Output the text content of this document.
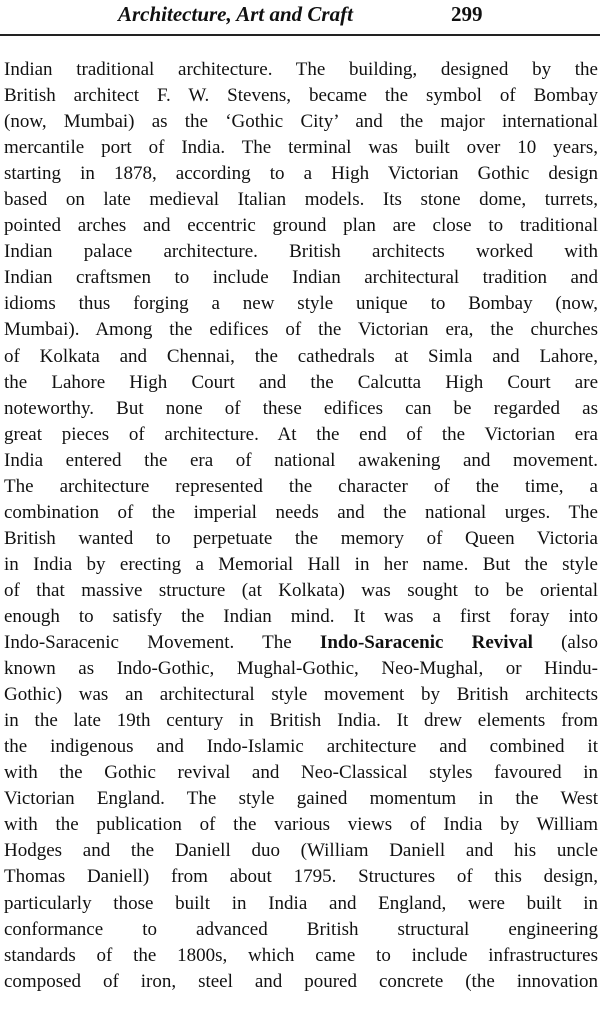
Architecture, Art and Craft	299
Indian traditional architecture. The building, designed by the
British architect F. W. Stevens, became the symbol of Bombay
(now, Mumbai) as the ‘Gothic City’ and the major international
mercantile port of India. The terminal was built over 10 years,
starting in 1878, according to a High Victorian Gothic design
based on late medieval Italian models. Its stone dome, turrets,
pointed arches and eccentric ground plan are close to traditional
Indian palace architecture. British architects worked with
Indian craftsmen to include Indian architectural tradition and
idioms thus forging a new style unique to Bombay (now,
Mumbai). Among the edifices of the Victorian era, the churches
of Kolkata and Chennai, the cathedrals at Simla and Lahore,
the Lahore High Court and the Calcutta High Court are
noteworthy. But none of these edifices can be regarded as
great pieces of architecture. At the end of the Victorian era
India entered the era of national awakening and movement.
The architecture represented the character of the time, a
combination of the imperial needs and the national urges. The
British wanted to perpetuate the memory of Queen Victoria
in India by erecting a Memorial Hall in her name. But the style
of that massive structure (at Kolkata) was sought to be oriental
enough to satisfy the Indian mind. It was a first foray into
Indo-Saracenic Movement. The Indo-Saracenic Revival (also
known as Indo-Gothic, Mughal-Gothic, Neo-Mughal, or Hindu-
Gothic) was an architectural style movement by British architects
in the late 19th century in British India. It drew elements from
the indigenous and Indo-Islamic architecture and combined it
with the Gothic revival and Neo-Classical styles favoured in
Victorian England. The style gained momentum in the West
with the publication of the various views of India by William
Hodges and the Daniell duo (William Daniell and his uncle
Thomas Daniell) from about 1795. Structures of this design,
particularly those built in India and England, were built in
conformance to advanced British structural engineering
standards of the 1800s, which came to include infrastructures
composed of iron, steel and poured concrete (the innovation
